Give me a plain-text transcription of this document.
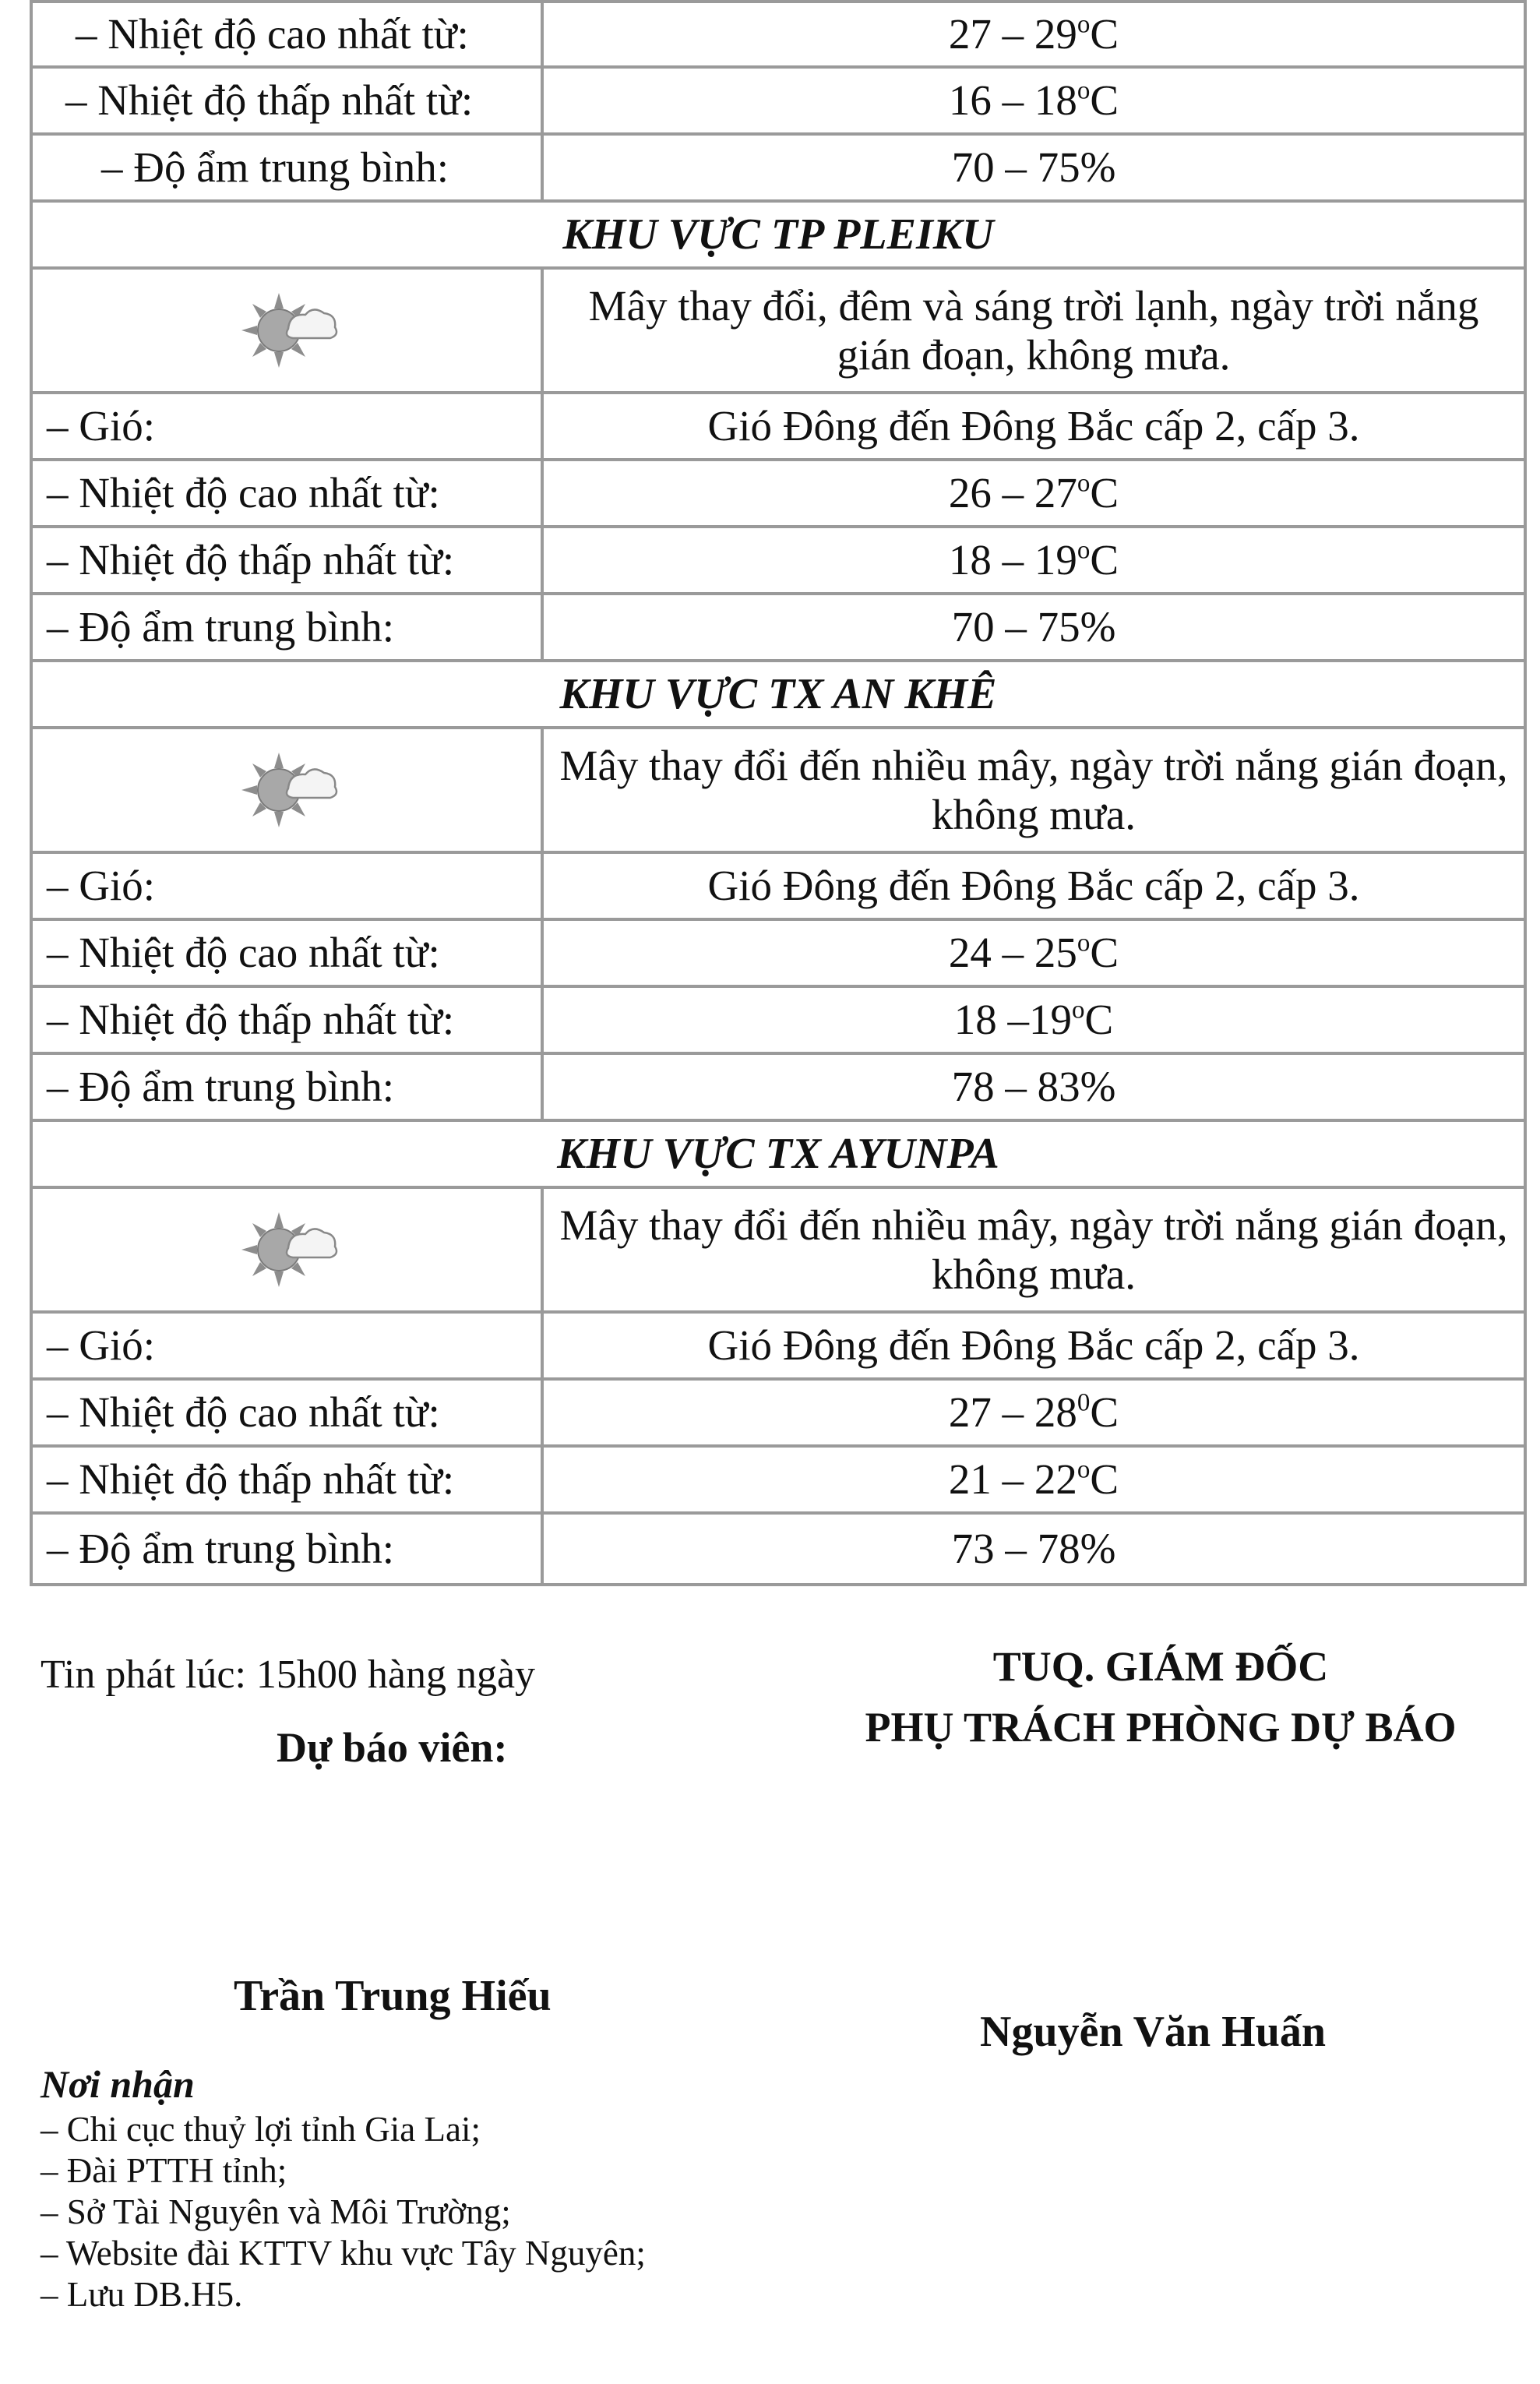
– Nhiệt độ cao nhất từ:	27 – 29$^o$C
– Nhiệt độ thấp nhất từ:	16 – 18$^o$C
– Độ ẩm trung bình:	70 – 75%
KHU VỰC TP PLEIKU	
	Mây thay đổi, đêm và sáng trời lạnh, ngày trời nắng gián đoạn, không mưa.
– Gió:	Gió Đông đến Đông Bắc cấp 2, cấp 3.
– Nhiệt độ cao nhất từ:	26 – 27$^o$C
– Nhiệt độ thấp nhất từ:	18 – 19$^o$C
– Độ ẩm trung bình:	70 – 75%
KHU VỰC TX AN KHÊ	
	Mây thay đổi đến nhiều mây, ngày trời nắng gián đoạn, không mưa.
– Gió:	Gió Đông đến Đông Bắc cấp 2, cấp 3.
– Nhiệt độ cao nhất từ:	24 – 25$^o$C
– Nhiệt độ thấp nhất từ:	18 –19$^o$C
– Độ ẩm trung bình:	78 – 83%
KHU VỰC TX AYUNPA	
	Mây thay đổi đến nhiều mây, ngày trời nắng gián đoạn, không mưa.
– Gió:	Gió Đông đến Đông Bắc cấp 2, cấp 3.
– Nhiệt độ cao nhất từ:	$27 - 28^0C$
– Nhiệt độ thấp nhất từ:	21 – 22$^o$C
– Độ ẩm trung bình:	73 – 78%
Tin phát lúc: 15h00 hàng ngày
Dự báo viên:
TUQ. GIÁM ĐỐC
PHỤ TRÁCH PHÒNG DỰ BÁO
Trần Trung Hiếu
Nguyễn Văn Huấn
Nơi nhận
– Chi cục thuỷ lợi tỉnh Gia Lai;
– Đài PTTH tỉnh;
– Sở Tài Nguyên và Môi Trường;
– Website đài KTTV khu vực Tây Nguyên;
– Lưu DB.H5.
